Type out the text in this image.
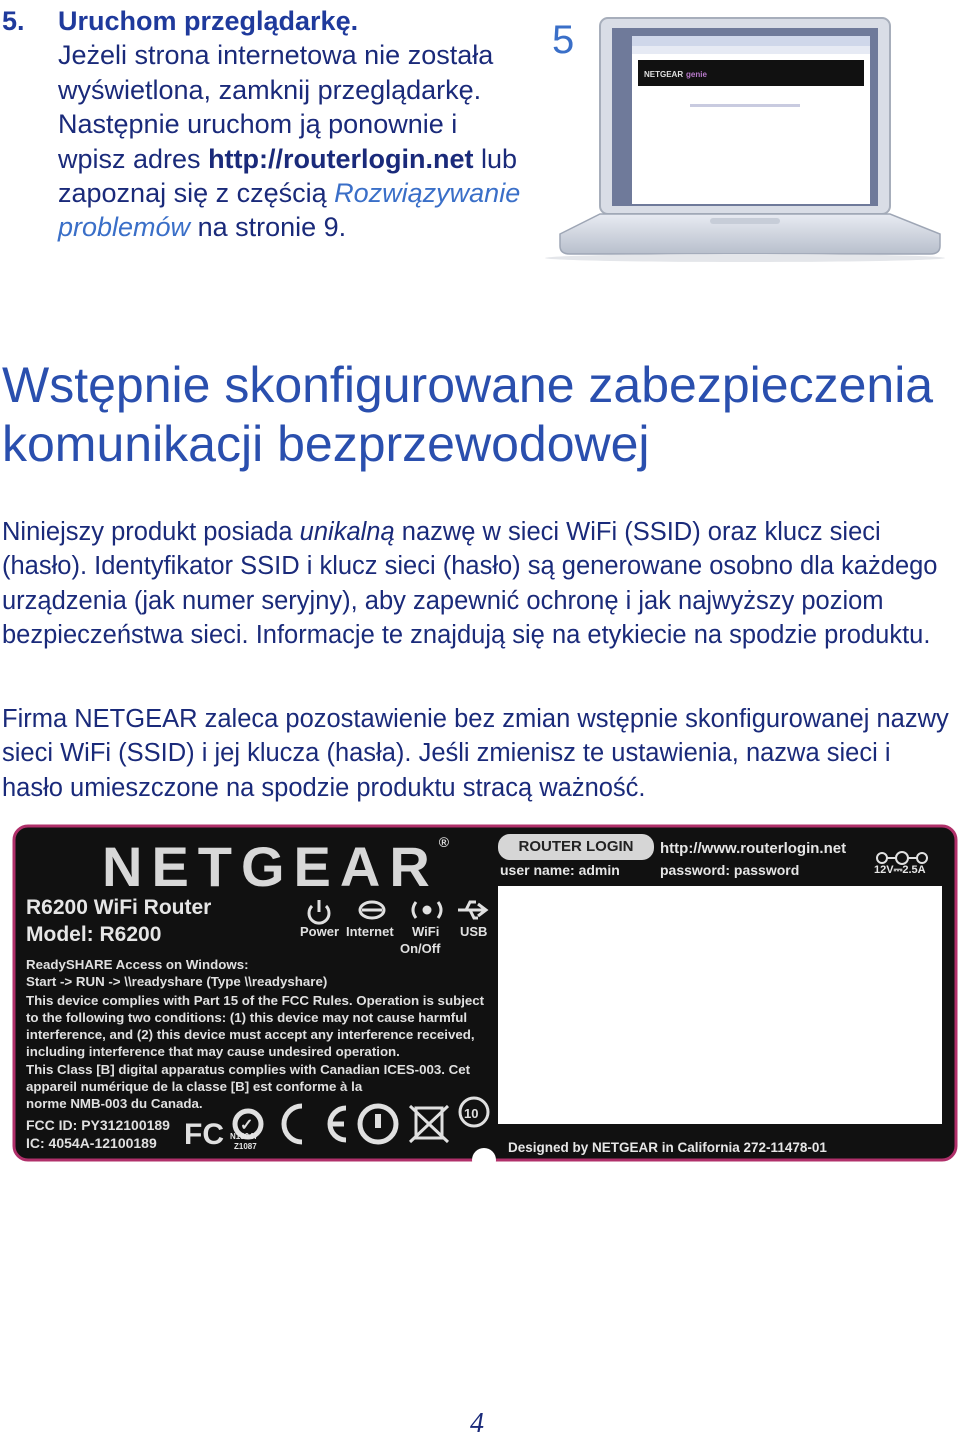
5. Uruchom przeglądarkę.
Jeżeli strona internetowa nie została wyświetlona, zamknij przeglądarkę. Następnie uruchom ją ponownie i wpisz adres http://routerlogin.net lub zapoznaj się z częścią Rozwiązywanie problemów na stronie 9.
NETGEAR genie
5
Wstępnie skonfigurowane zabezpieczenia komunikacji bezprzewodowej

Niniejszy produkt posiada unikalną nazwę w sieci WiFi (SSID) oraz klucz sieci (hasło). Identyfikator SSID i klucz sieci (hasło) są generowane osobno dla każdego urządzenia (jak numer seryjny), aby zapewnić ochronę i jak najwyższy poziom bezpieczeństwa sieci. Informacje te znajdują się na etykiecie na spodzie produktu.

Firma NETGEAR zaleca pozostawienie bez zmian wstępnie skonfigurowanej nazwy sieci WiFi (SSID) i jej klucza (hasła). Jeśli zmienisz te ustawienia, nazwa sieci i hasło umieszczone na spodzie produktu stracą ważność.

✓
10
FC
NETGEAR®
R6200 WiFi Router
Model: R6200	Power Internet WiFi
On/Off
USB
ReadySHARE Access on Windows:
Start -> RUN -> \\readyshare (Type \\readyshare)
This device complies with Part 15 of the FCC Rules. Operation is subject
to the following two conditions: (1) this device may not cause harmful
interference, and (2) this device must accept any interference received,
including interference that may cause undesired operation.
This Class [B] digital apparatus complies with Canadian ICES-003. Cet
appareil numérique de la classe [B] est conforme à la
norme NMB-003 du Canada.
FCC ID: PY312100189
IC: 4054A-12100189	N18047
Z1087
ROUTER LOGIN
user name: admin
http://www.routerlogin.net
password: password	12V⎓2.5A
Designed by NETGEAR in California 272-11478-01
4
